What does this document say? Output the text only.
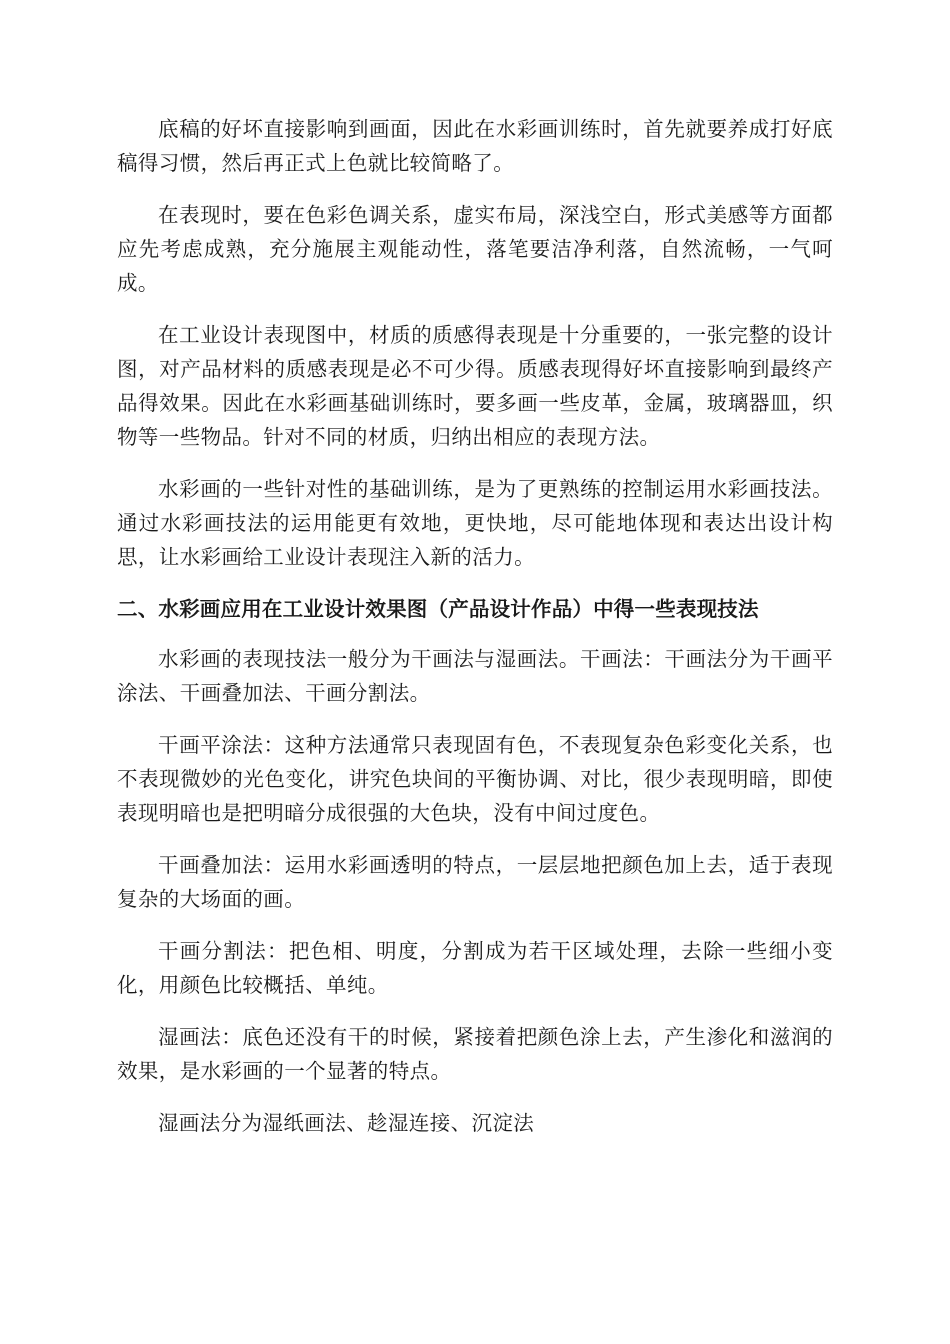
底稿的好坏直接影响到画面，因此在水彩画训练时，首先就要养成打好底稿得习惯，然后再正式上色就比较简略了。

在表现时，要在色彩色调关系，虚实布局，深浅空白，形式美感等方面都应先考虑成熟，充分施展主观能动性，落笔要洁净利落，自然流畅，一气呵成。

在工业设计表现图中，材质的质感得表现是十分重要的，一张完整的设计图，对产品材料的质感表现是必不可少得。质感表现得好坏直接影响到最终产品得效果。因此在水彩画基础训练时，要多画一些皮革，金属，玻璃器皿，织物等一些物品。针对不同的材质，归纳出相应的表现方法。

水彩画的一些针对性的基础训练，是为了更熟练的控制运用水彩画技法。通过水彩画技法的运用能更有效地，更快地，尽可能地体现和表达出设计构思，让水彩画给工业设计表现注入新的活力。

二、水彩画应用在工业设计效果图（产品设计作品）中得一些表现技法

水彩画的表现技法一般分为干画法与湿画法。干画法：干画法分为干画平涂法、干画叠加法、干画分割法。

干画平涂法：这种方法通常只表现固有色，不表现复杂色彩变化关系，也不表现微妙的光色变化，讲究色块间的平衡协调、对比，很少表现明暗，即使表现明暗也是把明暗分成很强的大色块，没有中间过度色。

干画叠加法：运用水彩画透明的特点，一层层地把颜色加上去，适于表现复杂的大场面的画。

干画分割法：把色相、明度，分割成为若干区域处理，去除一些细小变化，用颜色比较概括、单纯。

湿画法：底色还没有干的时候，紧接着把颜色涂上去，产生渗化和滋润的效果，是水彩画的一个显著的特点。

湿画法分为湿纸画法、趁湿连接、沉淀法
